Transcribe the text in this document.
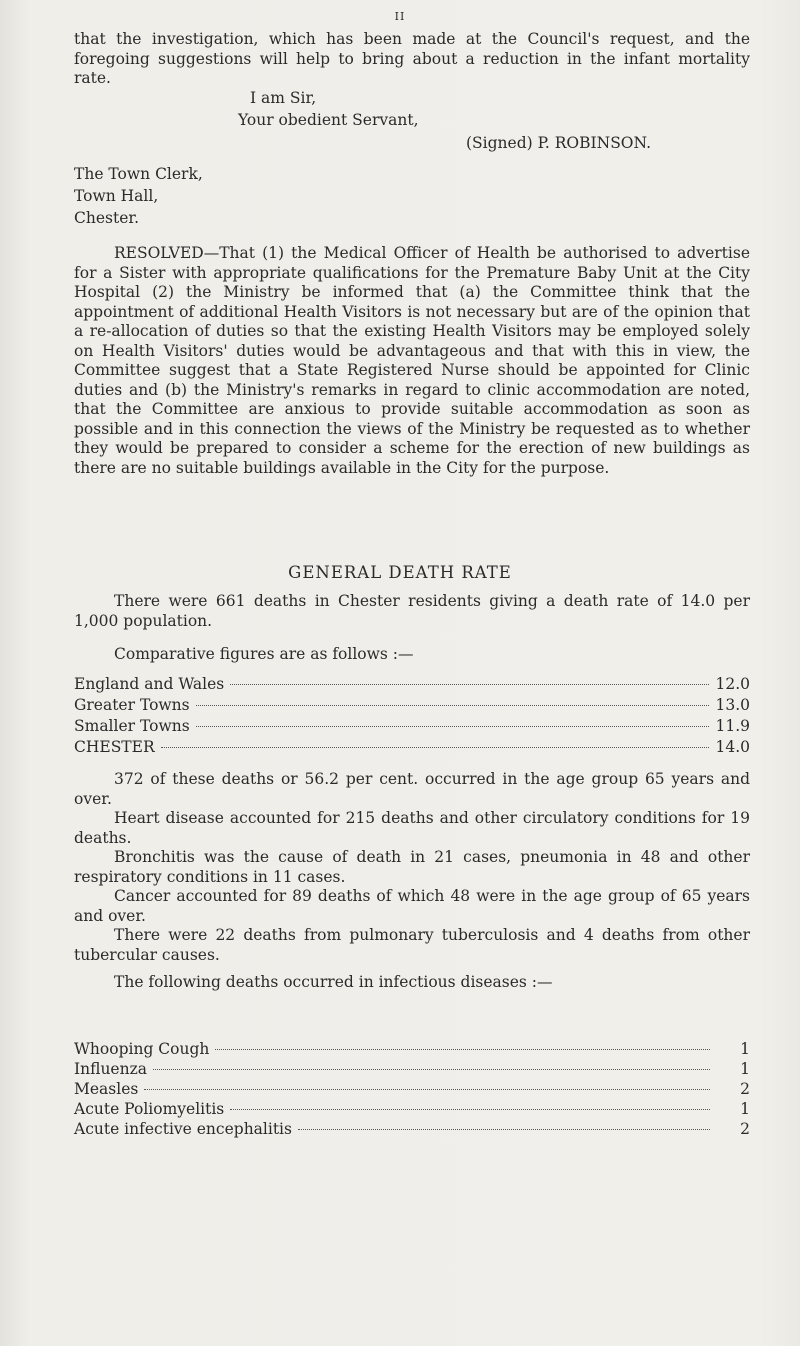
II

that the investigation, which has been made at the Council's request, and the foregoing suggestions will help to bring about a reduction in the infant mortality rate.

I am Sir,
Your obedient Servant,
(Signed) P. ROBINSON.
The Town Clerk,
Town Hall,
Chester.

RESOLVED—That (1) the Medical Officer of Health be authorised to advertise for a Sister with appropriate qualifications for the Premature Baby Unit at the City Hospital (2) the Ministry be informed that (a) the Committee think that the appointment of additional Health Visitors is not necessary but are of the opinion that a re-allocation of duties so that the existing Health Visitors may be employed solely on Health Visitors' duties would be advantageous and that with this in view, the Committee suggest that a State Registered Nurse should be appointed for Clinic duties and (b) the Ministry's remarks in regard to clinic accommodation are noted, that the Committee are anxious to provide suitable accommodation as soon as possible and in this connection the views of the Ministry be requested as to whether they would be prepared to consider a scheme for the erection of new buildings as there are no suitable buildings available in the City for the purpose.

GENERAL DEATH RATE

There were 661 deaths in Chester residents giving a death rate of 14.0 per 1,000 population.

Comparative figures are as follows :—

England and Wales	12.0
Greater Towns	13.0
Smaller Towns	11.9
CHESTER	14.0

372 of these deaths or 56.2 per cent. occurred in the age group 65 years and over.

Heart disease accounted for 215 deaths and other circulatory conditions for 19 deaths.

Bronchitis was the cause of death in 21 cases, pneumonia in 48 and other respiratory conditions in 11 cases.

Cancer accounted for 89 deaths of which 48 were in the age group of 65 years and over.

There were 22 deaths from pulmonary tuberculosis and 4 deaths from other tubercular causes.

The following deaths occurred in infectious diseases :—

Whooping Cough	1
Influenza	1
Measles	2
Acute Poliomyelitis	1
Acute infective encephalitis	2
